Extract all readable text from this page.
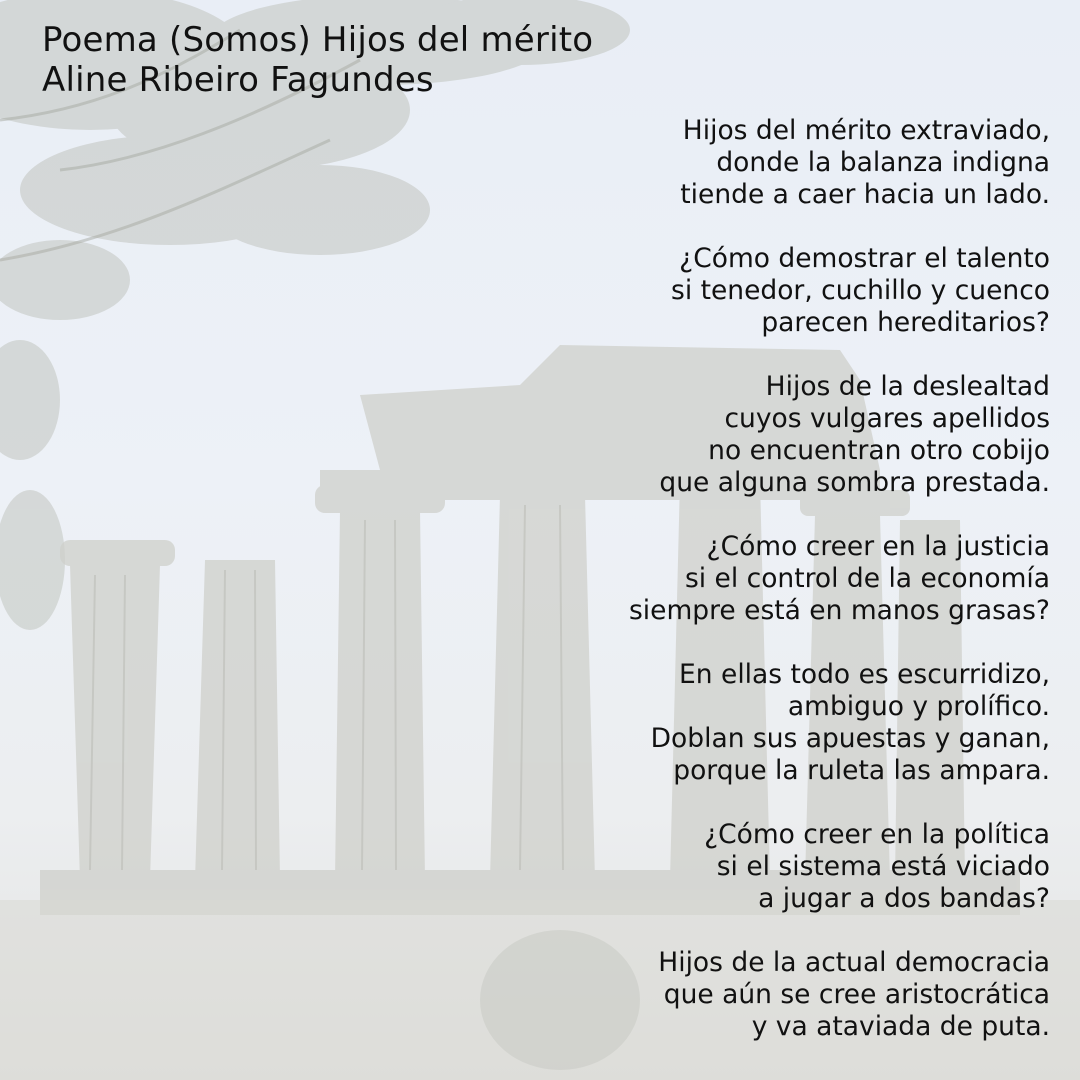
Poema (Somos) Hijos del mérito
Aline Ribeiro Fagundes
Hijos del mérito extraviado,
donde la balanza indigna
tiende a caer hacia un lado.
¿Cómo demostrar el talento
si tenedor, cuchillo y cuenco
parecen hereditarios?
Hijos de la deslealtad
cuyos vulgares apellidos
no encuentran otro cobijo
que alguna sombra prestada.
¿Cómo creer en la justicia
si el control de la economía
siempre está en manos grasas?
En ellas todo es escurridizo,
ambiguo y prolífico.
Doblan sus apuestas y ganan,
porque la ruleta las ampara.
¿Cómo creer en la política
si el sistema está viciado
a jugar a dos bandas?
Hijos de la actual democracia
que aún se cree aristocrática
y va ataviada de puta.
